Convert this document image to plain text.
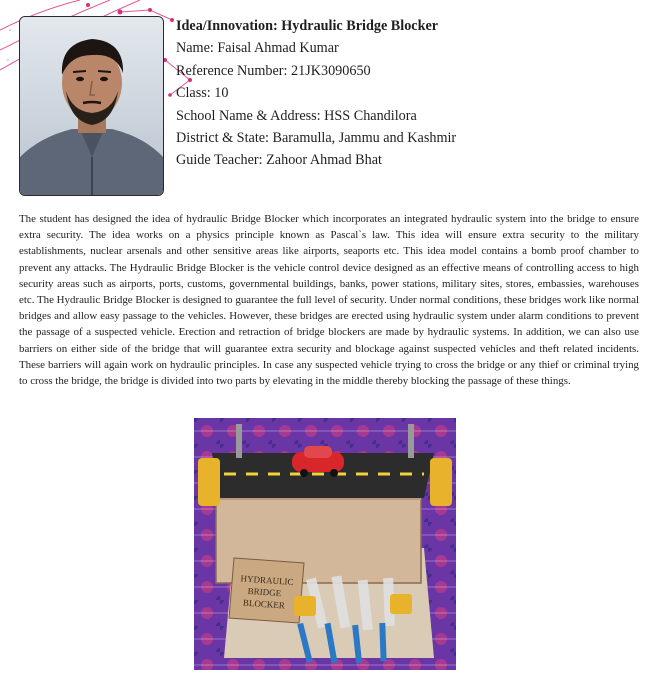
Idea/Innovation: Hydraulic Bridge Blocker
Name: Faisal Ahmad Kumar
Reference Number: 21JK3090650
Class: 10
School Name & Address: HSS Chandilora
District & State: Baramulla, Jammu and Kashmir
Guide Teacher: Zahoor Ahmad Bhat
The student has designed the idea of hydraulic Bridge Blocker which incorporates an integrated hydraulic system into the bridge to ensure extra security. The idea works on a physics principle known as Pascal`s law. This idea will ensure extra security to the military establishments, nuclear arsenals and other sensitive areas like airports, seaports etc. This idea model contains a bomb proof chamber to prevent any attacks. The Hydraulic Bridge Blocker is the vehicle control device designed as an effective means of controlling access to high security areas such as airports, ports, customs, governmental buildings, banks, power stations, military sites, stores, embassies, warehouses etc. The Hydraulic Bridge Blocker is designed to guarantee the full level of security. Under normal conditions, these bridges work like normal bridges and allow easy passage to the vehicles. However, these bridges are erected using hydraulic system under alarm conditions to prevent the passage of a suspected vehicle. Erection and retraction of bridge blockers are made by hydraulic systems. In addition, we can also use barriers on either side of the bridge that will guarantee extra security and blockage against suspected vehicles and theft related incidents. These barriers will again work on hydraulic principles. In case any suspected vehicle trying to cross the bridge or any thief or criminal trying to cross the bridge, the bridge is divided into two parts by elevating in the middle thereby blocking the passage of these things.
HYDRAULIC
BRIDGE
BLOCKER
